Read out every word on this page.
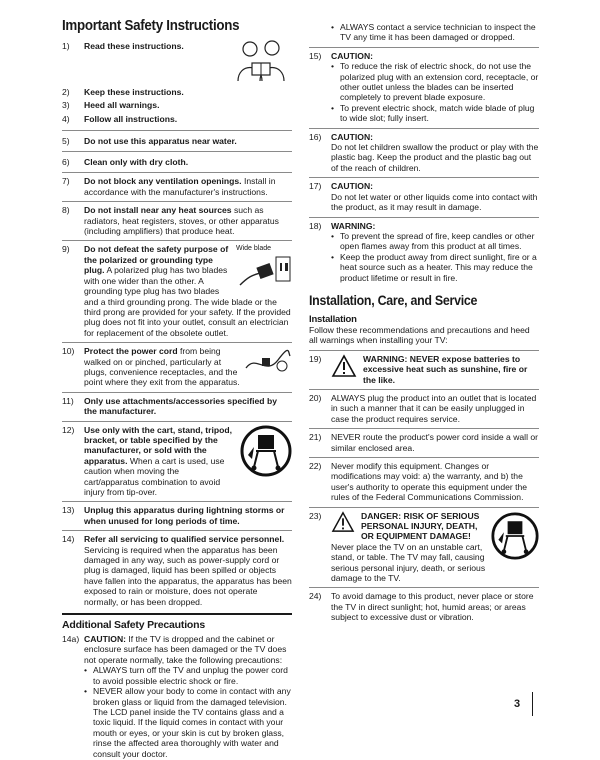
Important Safety Instructions
1)	Read these instructions.
2)	Keep these instructions.
3)	Heed all warnings.
4)	Follow all instructions.
5)	Do not use this apparatus near water.
6)	Clean only with dry cloth.
7)	Do not block any ventilation openings. Install in accordance with the manufacturer's instructions.
8)	Do not install near any heat sources such as radiators, heat registers, stoves, or other apparatus (including amplifiers) that produce heat.
9)	Wide blade
Do not defeat the safety purpose of the polarized or grounding type plug. A polarized plug has two blades with one wider than the other. A grounding type plug has two blades and a third grounding prong. The wide blade or the third prong are provided for your safety. If the provided plug does not fit into your outlet, consult an electrician for replacement of the obsolete outlet.
10)	Protect the power cord from being walked on or pinched, particularly at plugs, convenience receptacles, and the point where they exit from the apparatus.
11)	Only use attachments/accessories specified by the manufacturer.
12)	Use only with the cart, stand, tripod, bracket, or table specified by the manufacturer, or sold with the apparatus. When a cart is used, use caution when moving the cart/apparatus combination to avoid injury from tip-over.
13)	Unplug this apparatus during lightning storms or when unused for long periods of time.
14)	Refer all servicing to qualified service personnel. Servicing is required when the apparatus has been damaged in any way, such as power-supply cord or plug is damaged, liquid has been spilled or objects have fallen into the apparatus, the apparatus has been exposed to rain or moisture, does not operate normally, or has been dropped.
Additional Safety Precautions
14a) CAUTION: If the TV is dropped and the cabinet or enclosure surface has been damaged or the TV does not operate normally, take the following precautions:
• ALWAYS turn off the TV and unplug the power cord to avoid possible electric shock or fire.
• NEVER allow your body to come in contact with any broken glass or liquid from the damaged television. The LCD panel inside the TV contains glass and a toxic liquid. If the liquid comes in contact with your mouth or eyes, or your skin is cut by broken glass, rinse the affected area thoroughly with water and consult your doctor.
• ALWAYS contact a service technician to inspect the TV any time it has been damaged or dropped.
15)	CAUTION:
• To reduce the risk of electric shock, do not use the polarized plug with an extension cord, receptacle, or other outlet unless the blades can be inserted completely to prevent blade exposure.
• To prevent electric shock, match wide blade of plug to wide slot; fully insert.
16)	CAUTION:
Do not let children swallow the product or play with the plastic bag. Keep the product and the plastic bag out of the reach of children.
17)	CAUTION:
Do not let water or other liquids come into contact with the product, as it may result in damage.
18)	WARNING:
• To prevent the spread of fire, keep candles or other open flames away from this product at all times.
• Keep the product away from direct sunlight, fire or a heat source such as a heater. This may reduce the product lifetime or result in fire.
Installation, Care, and Service
Installation
Follow these recommendations and precautions and heed all warnings when installing your TV:
19)	WARNING: NEVER expose batteries to excessive heat such as sunshine, fire or the like.
20)	ALWAYS plug the product into an outlet that is located in such a manner that it can be easily unplugged in case the product requires service.
21)	NEVER route the product's power cord inside a wall or similar enclosed area.
22)	Never modify this equipment. Changes or modifications may void: a) the warranty, and b) the user's authority to operate this equipment under the rules of the Federal Communications Commission.
23)	DANGER: RISK OF SERIOUS PERSONAL INJURY, DEATH, OR EQUIPMENT DAMAGE!
Never place the TV on an unstable cart, stand, or table. The TV may fall, causing serious personal injury, death, or serious damage to the TV.
24)	To avoid damage to this product, never place or store the TV in direct sunlight; hot, humid areas; or areas subject to excessive dust or vibration.
3
